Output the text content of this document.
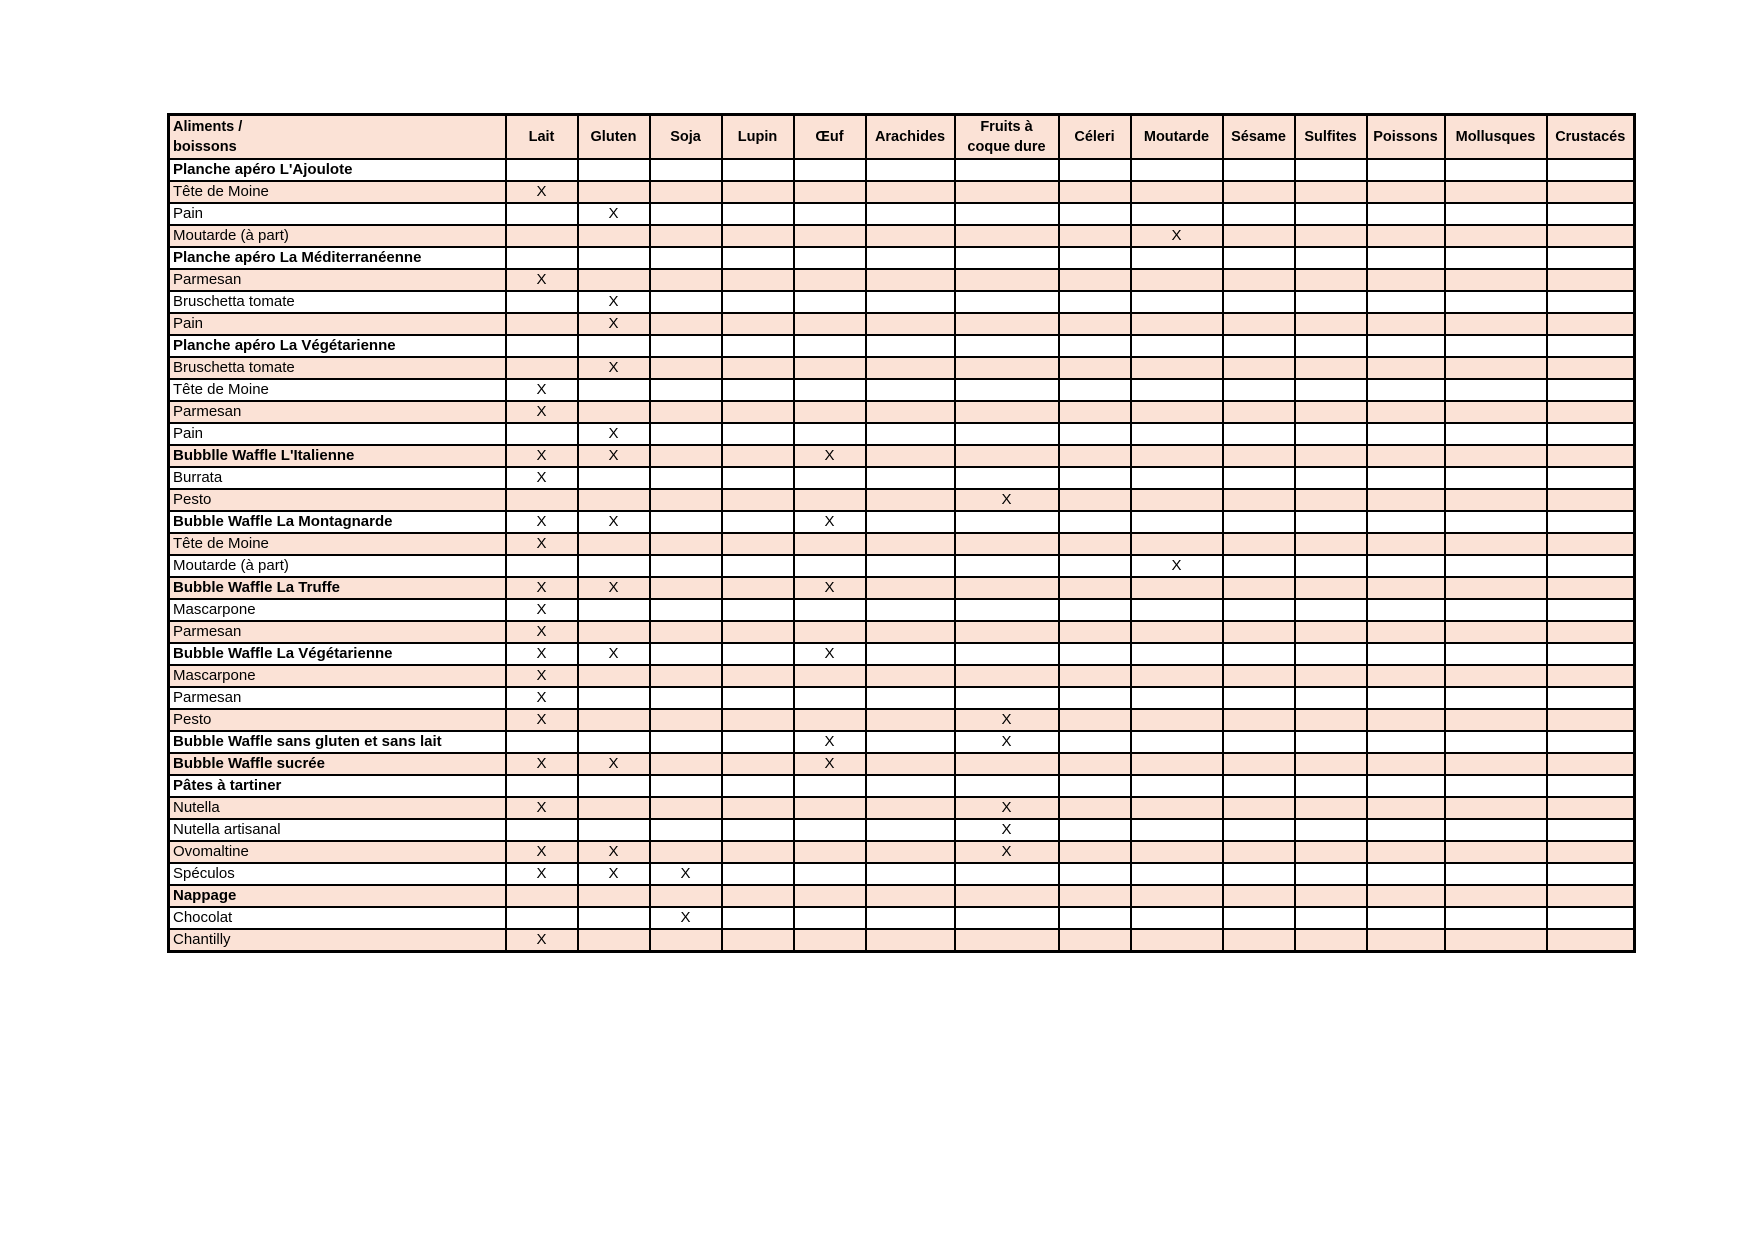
Aliments /
boissons	Lait	Gluten	Soja	Lupin	Œuf	Arachides	Fruits à
coque dure	Céleri	Moutarde	Sésame	Sulfites	Poissons	Mollusques	Crustacés
Planche apéro L'Ajoulote														
Tête de Moine	X													
Pain		X												
Moutarde (à part)									X					
Planche apéro La Méditerranéenne														
Parmesan	X													
Bruschetta tomate		X												
Pain		X												
Planche apéro La Végétarienne														
Bruschetta tomate		X												
Tête de Moine	X													
Parmesan	X													
Pain		X												
Bubblle Waffle L'Italienne	X	X			X									
Burrata	X													
Pesto							X							
Bubble Waffle La Montagnarde	X	X			X									
Tête de Moine	X													
Moutarde (à part)									X					
Bubble Waffle La Truffe	X	X			X									
Mascarpone	X													
Parmesan	X													
Bubble Waffle La Végétarienne	X	X			X									
Mascarpone	X													
Parmesan	X													
Pesto	X						X							
Bubble Waffle sans gluten et sans lait					X		X							
Bubble Waffle sucrée	X	X			X									
Pâtes à tartiner														
Nutella	X						X							
Nutella artisanal							X							
Ovomaltine	X	X					X							
Spéculos	X	X	X											
Nappage														
Chocolat			X											
Chantilly	X													
